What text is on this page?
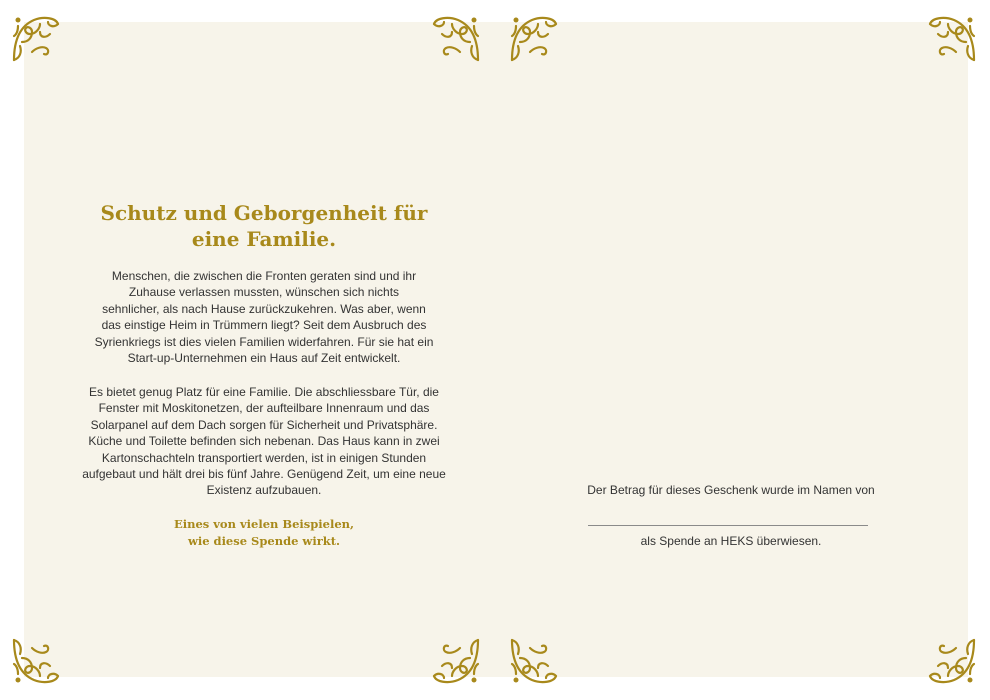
Schutz und Geborgenheit für
eine Familie.

Menschen, die zwischen die Fronten geraten sind und ihr
Zuhause verlassen mussten, wünschen sich nichts
sehnlicher, als nach Hause zurückzukehren. Was aber, wenn
das einstige Heim in Trümmern liegt? Seit dem Ausbruch des
Syrienkriegs ist dies vielen Familien widerfahren. Für sie hat ein
Start-up-Unternehmen ein Haus auf Zeit entwickelt.

Es bietet genug Platz für eine Familie. Die abschliessbare Tür, die
Fenster mit Moskitonetzen, der aufteilbare Innenraum und das
Solarpanel auf dem Dach sorgen für Sicherheit und Privatsphäre.
Küche und Toilette befinden sich nebenan. Das Haus kann in zwei
Kartonschachteln transportiert werden, ist in einigen Stunden
aufgebaut und hält drei bis fünf Jahre. Genügend Zeit, um eine neue
Existenz aufzubauen.

Eines von vielen Beispielen,
wie diese Spende wirkt.

Der Betrag für dieses Geschenk wurde im Namen von
als Spende an HEKS überwiesen.
